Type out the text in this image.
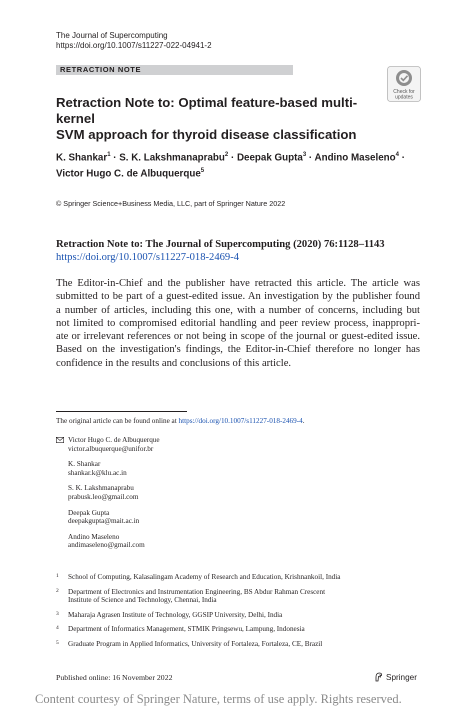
The Journal of Supercomputing
https://doi.org/10.1007/s11227-022-04941-2
RETRACTION NOTE
Check for
updates
Retraction Note to: Optimal feature-based multi-kernel
SVM approach for thyroid disease classification
K. Shankar$^1$ · S. K. Lakshmanaprabu$^2$ · Deepak Gupta$^3$ · Andino Maseleno$^4$ ·
Victor Hugo C. de Albuquerque$^5$
© Springer Science+Business Media, LLC, part of Springer Nature 2022
Retraction Note to: The Journal of Supercomputing (2020) 76:1128–1143
https://doi.org/10.1007/s11227-018-2469-4
The Editor-in-Chief and the publisher have retracted this article. The article was
submitted to be part of a guest-edited issue. An investigation by the publisher found
a number of articles, including this one, with a number of concerns, including but
not limited to compromised editorial handling and peer review process, inappropri-
ate or irrelevant references or not being in scope of the journal or guest-edited issue.
Based on the investigation's findings, the Editor-in-Chief therefore no longer has
confidence in the results and conclusions of this article.
The original article can be found online at https://doi.org/10.1007/s11227-018-2469-4.
Victor Hugo C. de Albuquerque
victor.albuquerque@unifor.br
K. Shankar
shankar.k@klu.ac.in
S. K. Lakshmanaprabu
prabusk.leo@gmail.com
Deepak Gupta
deepakgupta@mait.ac.in
Andino Maseleno
andimaseleno@gmail.com
1 School of Computing, Kalasalingam Academy of Research and Education, Krishnankoil, India
2 Department of Electronics and Instrumentation Engineering, BS Abdur Rahman Crescent
Institute of Science and Technology, Chennai, India
3 Maharaja Agrasen Institute of Technology, GGSIP University, Delhi, India
4 Department of Informatics Management, STMIK Pringsewu, Lampung, Indonesia
5 Graduate Program in Applied Informatics, University of Fortaleza, Fortaleza, CE, Brazil
Published online: 16 November 2022	Springer
Content courtesy of Springer Nature, terms of use apply. Rights reserved.
